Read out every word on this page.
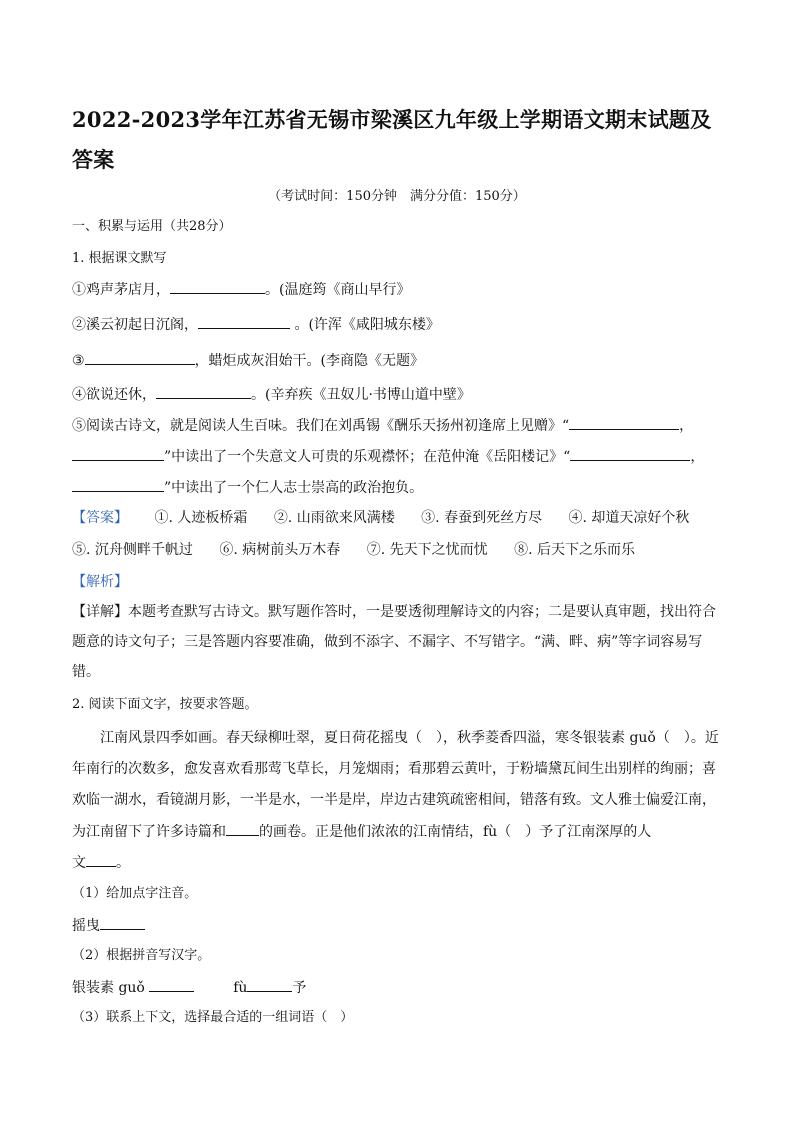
2022-2023学年江苏省无锡市梁溪区九年级上学期语文期末试题及答案
（考试时间：150分钟　满分分值：150分）
一、积累与运用（共28分）
1. 根据课文默写
①鸡声茅店月，	。(温庭筠《商山早行》
②溪云初起日沉阁，	。(许浑《咸阳城东楼》
③	，蜡炬成灰泪始干。(李商隐《无题》
④欲说还休，	。(辛弃疾《丑奴儿·书博山道中壁》
⑤阅读古诗文，就是阅读人生百味。我们在刘禹锡《酬乐天扬州初逢席上见赠》“	，
”中读出了一个失意文人可贵的乐观襟怀；在范仲淹《岳阳楼记》“	，
”中读出了一个仁人志士崇高的政治抱负。
【答案】 ①. 人迹板桥霜 ②. 山雨欲来风满楼 ③. 春蚕到死丝方尽 ④. 却道天凉好个秋
⑤. 沉舟侧畔千帆过 ⑥. 病树前头万木春 ⑦. 先天下之忧而忧 ⑧. 后天下之乐而乐
【解析】
【详解】本题考查默写古诗文。默写题作答时，一是要透彻理解诗文的内容；二是要认真审题，找出符合
题意的诗文句子；三是答题内容要准确，做到不添字、不漏字、不写错字。“满、畔、病”等字词容易写
错。
2. 阅读下面文字，按要求答题。
江南风景四季如画。春天绿柳吐翠，夏日荷花摇曳（　），秋季菱香四溢，寒冬银装素 guǒ（　）。近
年南行的次数多，愈发喜欢看那莺飞草长，月笼烟雨；看那碧云黄叶，于粉墙黛瓦间生出别样的绚丽；喜
欢临一湖水，看镜湖月影，一半是水，一半是岸，岸边古建筑疏密相间，错落有致。文人雅士偏爱江南，
为江南留下了许多诗篇和 的画卷。正是他们浓浓的江南情结，fù（　）予了江南深厚的人
文 。
（1）给加点字注音。
摇曳
（2）根据拼音写汉字。
银装素 guǒ	fù	予
（3）联系上下文，选择最合适的一组词语（　）
